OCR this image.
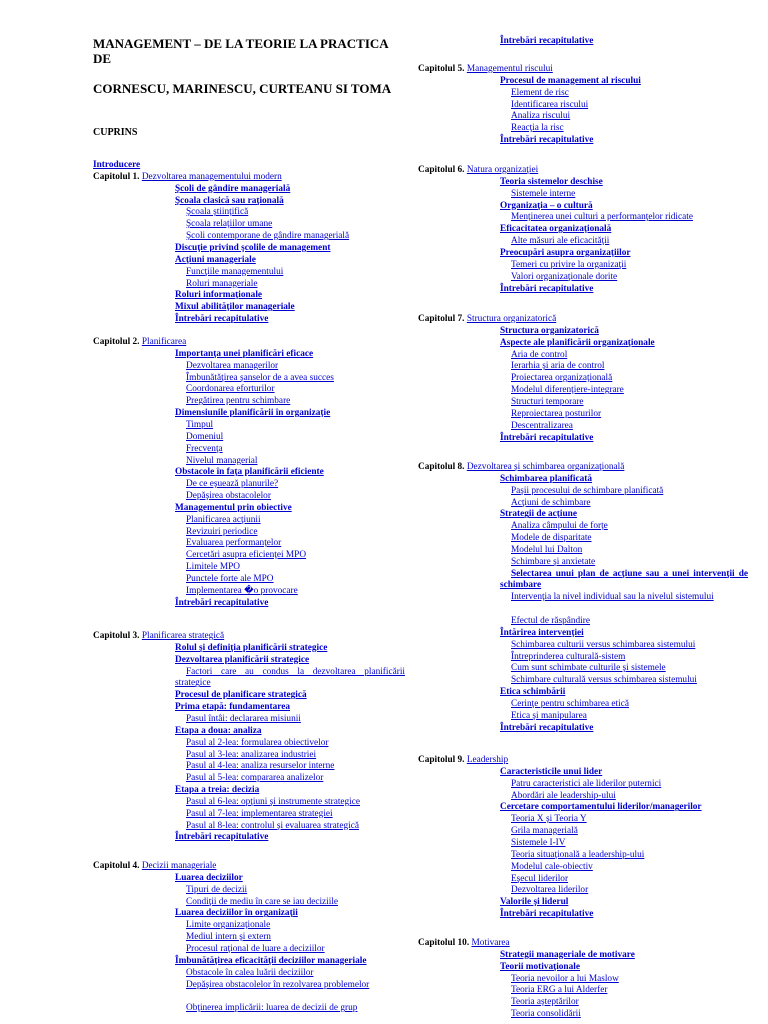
MANAGEMENT – DE LA TEORIE LA PRACTICA DE
CORNESCU, MARINESCU, CURTEANU SI TOMA
CUPRINS
Introducere
Capitolul 1. Dezvoltarea managementului modern
Şcoli de gândire managerială
Şcoala clasică sau raţională
Şcoala ştiinţifică
Şcoala relaţiilor umane
Şcoli contemporane de gândire managerială
Discuţie privind şcolile de management
Acţiuni manageriale
Funcţiile managementului
Roluri manageriale
Roluri informaţionale
Mixul abilităţilor manageriale
Întrebări recapitulative
Capitolul 2. Planificarea
Importanţa unei planificări eficace
Dezvoltarea managerilor
Îmbunătăţirea şanselor de a avea succes
Coordonarea eforturilor
Pregătirea pentru schimbare
Dimensiunile planificării în organizaţie
Timpul
Domeniul
Frecvenţa
Nivelul managerial
Obstacole în faţa planificării eficiente
De ce eşuează planurile?
Depăşirea obstacolelor
Managementul prin obiective
Planificarea acţiunii
Revizuiri periodice
Evaluarea performanţelor
Cercetări asupra eficienţei MPO
Limitele MPO
Punctele forte ale MPO
Implementarea �o provocare
Întrebări recapitulative
Capitolul 3. Planificarea strategică
Rolul şi definiţia planificării strategice
Dezvoltarea planificării strategice
Factori care au condus la dezvoltarea planificării strategice
Procesul de planificare strategică
Prima etapă: fundamentarea
Pasul întâi: declararea misiunii
Etapa a doua: analiza
Pasul al 2-lea: formularea obiectivelor
Pasul al 3-lea: analizarea industriei
Pasul al 4-lea: analiza resurselor interne
Pasul al 5-lea: compararea analizelor
Etapa a treia: decizia
Pasul al 6-lea: opţiuni şi instrumente strategice
Pasul al 7-lea: implementarea strategiei
Pasul al 8-lea: controlul şi evaluarea strategică
Întrebări recapitulative
Capitolul 4. Decizii manageriale
Luarea deciziilor
Tipuri de decizii
Condiţii de mediu în care se iau deciziile
Luarea deciziilor în organizaţii
Limite organizaţionale
Mediul intern şi extern
Procesul raţional de luare a deciziilor
Îmbunătăţirea eficacităţii deciziilor manageriale
Obstacole în calea luării deciziilor
Depăşirea obstacolelor în rezolvarea problemelor
Obţinerea implicării: luarea de decizii de grup
Întrebări recapitulative
Capitolul 5. Managementul riscului
Procesul de management al riscului
Element de risc
Identificarea riscului
Analiza riscului
Reacţia la risc
Întrebări recapitulative
Capitolul 6. Natura organizaţiei
Teoria sistemelor deschise
Sistemele interne
Organizaţia – o cultură
Menţinerea unei culturi a performanţelor ridicate
Eficacitatea organizaţională
Alte măsuri ale eficacităţii
Preocupări asupra organizaţiilor
Temeri cu privire la organizaţii
Valori organizaţionale dorite
Întrebări recapitulative
Capitolul 7. Structura organizatorică
Structura organizatorică
Aspecte ale planificării organizaţionale
Aria de control
Ierarhia şi aria de control
Proiectarea organizaţională
Modelul diferenţiere-integrare
Structuri temporare
Reproiectarea posturilor
Descentralizarea
Întrebări recapitulative
Capitolul 8. Dezvoltarea şi schimbarea organizaţională
Schimbarea planificată
Paşii procesului de schimbare planificată
Acţiuni de schimbare
Strategii de acţiune
Analiza câmpului de forţe
Modele de disparitate
Modelul lui Dalton
Schimbare şi anxietate
Selectarea unui plan de acţiune sau a unei intervenţii de schimbare
Intervenţia la nivel individual sau la nivelul sistemului
Efectul de răspândire
Întărirea intervenţiei
Schimbarea culturii versus schimbarea sistemului
Întreprinderea culturală-sistem
Cum sunt schimbate culturile şi sistemele
Schimbare culturală versus schimbarea sistemului
Etica schimbării
Cerinţe pentru schimbarea etică
Etica şi manipularea
Întrebări recapitulative
Capitolul 9. Leadership
Caracteristicile unui lider
Patru caracteristici ale liderilor puternici
Abordări ale leadership-ului
Cercetare comportamentului liderilor/managerilor
Teoria X şi Teoria Y
Grila managerială
Sistemele I-IV
Teoria situaţională a leadership-ului
Modelul cale-obiectiv
Eşecul liderilor
Dezvoltarea liderilor
Valorile şi liderul
Întrebări recapitulative
Capitolul 10. Motivarea
Strategii manageriale de motivare
Teorii motivaţionale
Teoria nevoilor a lui Maslow
Teoria ERG a lui Alderfer
Teoria aşteptărilor
Teoria consolidării
